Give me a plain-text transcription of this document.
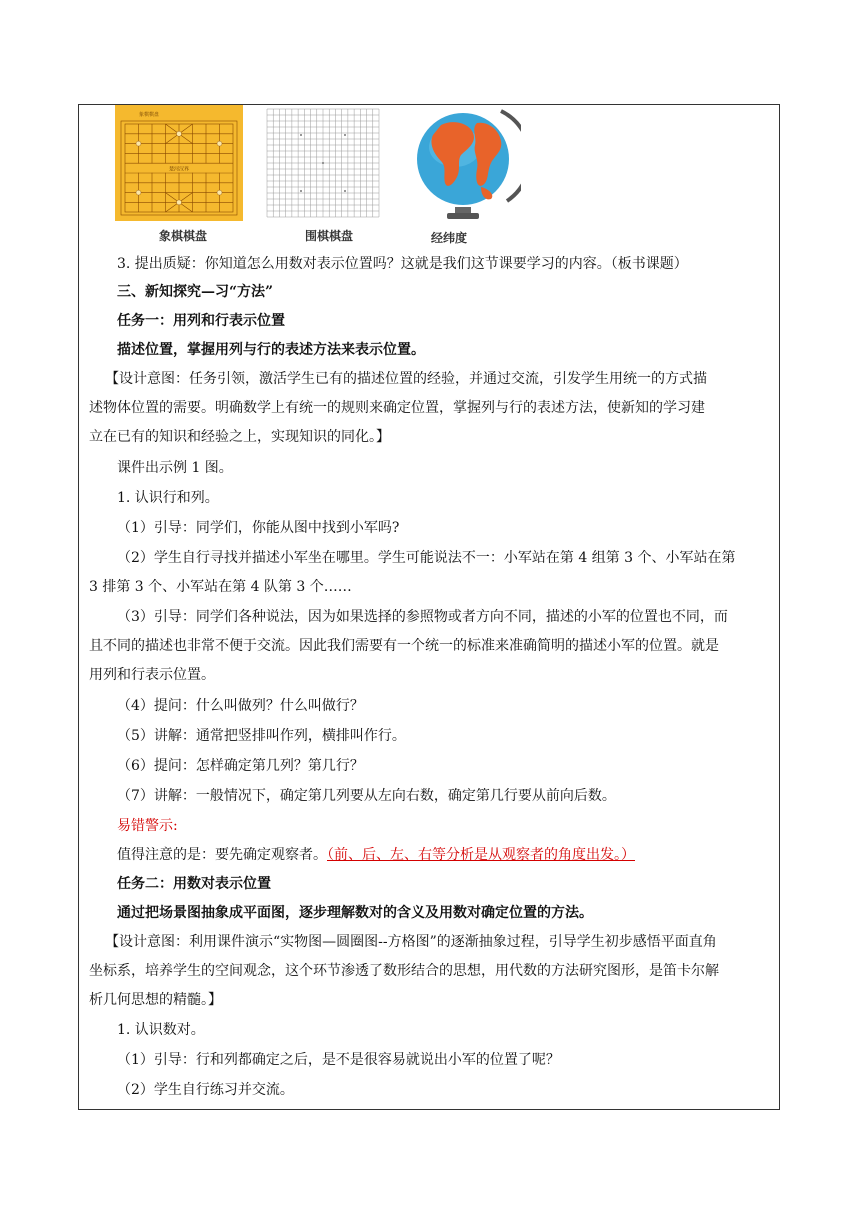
象棋棋盘
楚河汉界
象棋棋盘	围棋棋盘	经纬度
3. 提出质疑：你知道怎么用数对表示位置吗？这就是我们这节课要学习的内容。（板书课题）
三、新知探究—习“方法”
任务一：用列和行表示位置
描述位置，掌握用列与行的表述方法来表示位置。
【设计意图：任务引领，激活学生已有的描述位置的经验，并通过交流，引发学生用统一的方式描
述物体位置的需要。明确数学上有统一的规则来确定位置，掌握列与行的表述方法，使新知的学习建
立在已有的知识和经验之上，实现知识的同化。】
课件出示例 1 图。
1. 认识行和列。
（1）引导：同学们，你能从图中找到小军吗?
（2）学生自行寻找并描述小军坐在哪里。学生可能说法不一：小军站在第 4 组第 3 个、小军站在第
3 排第 3 个、小军站在第 4 队第 3 个……
（3）引导：同学们各种说法，因为如果选择的参照物或者方向不同，描述的小军的位置也不同，而
且不同的描述也非常不便于交流。因此我们需要有一个统一的标准来准确简明的描述小军的位置。就是
用列和行表示位置。
（4）提问：什么叫做列？什么叫做行？
（5）讲解：通常把竖排叫作列，横排叫作行。
（6）提问：怎样确定第几列？第几行？
（7）讲解：一般情况下，确定第几列要从左向右数，确定第几行要从前向后数。
易错警示:
值得注意的是：要先确定观察者。（前、后、左、右等分析是从观察者的角度出发。）
任务二：用数对表示位置
通过把场景图抽象成平面图，逐步理解数对的含义及用数对确定位置的方法。
【设计意图：利用课件演示“实物图—圆圈图--方格图”的逐渐抽象过程，引导学生初步感悟平面直角
坐标系，培养学生的空间观念，这个环节渗透了数形结合的思想，用代数的方法研究图形，是笛卡尔解
析几何思想的精髓。】
1. 认识数对。
（1）引导：行和列都确定之后，是不是很容易就说出小军的位置了呢？
（2）学生自行练习并交流。
